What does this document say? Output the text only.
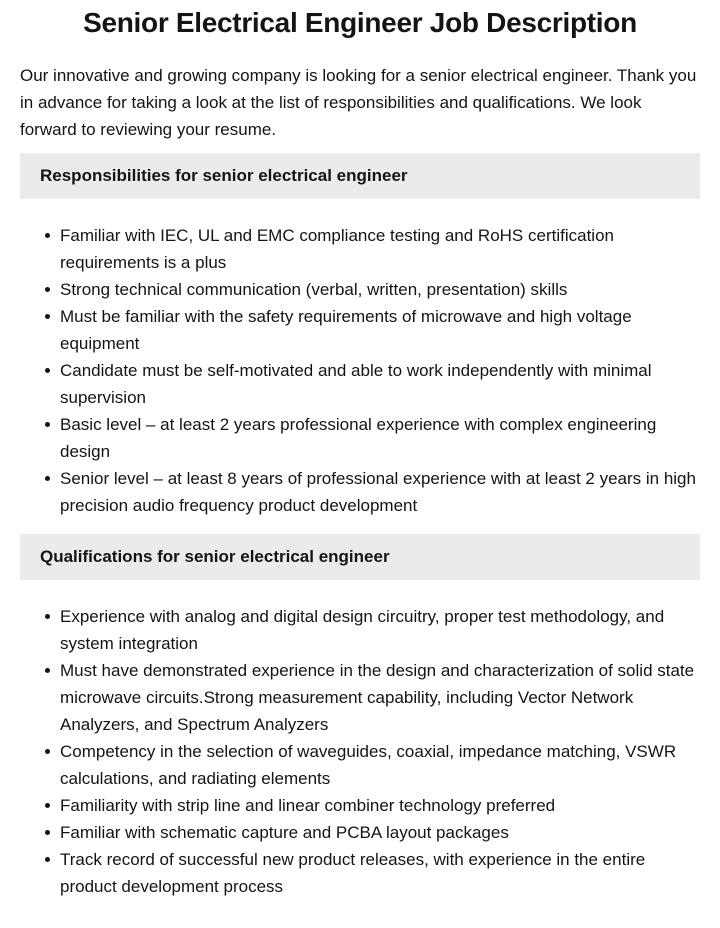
Senior Electrical Engineer Job Description

Our innovative and growing company is looking for a senior electrical engineer. Thank you in advance for taking a look at the list of responsibilities and qualifications. We look forward to reviewing your resume.

Responsibilities for senior electrical engineer
Familiar with IEC, UL and EMC compliance testing and RoHS certification requirements is a plus
Strong technical communication (verbal, written, presentation) skills
Must be familiar with the safety requirements of microwave and high voltage equipment
Candidate must be self-motivated and able to work independently with minimal supervision
Basic level – at least 2 years professional experience with complex engineering design
Senior level – at least 8 years of professional experience with at least 2 years in high precision audio frequency product development
Qualifications for senior electrical engineer
Experience with analog and digital design circuitry, proper test methodology, and system integration
Must have demonstrated experience in the design and characterization of solid state microwave circuits.Strong measurement capability, including Vector Network Analyzers, and Spectrum Analyzers
Competency in the selection of waveguides, coaxial, impedance matching, VSWR calculations, and radiating elements
Familiarity with strip line and linear combiner technology preferred
Familiar with schematic capture and PCBA layout packages
Track record of successful new product releases, with experience in the entire product development process
